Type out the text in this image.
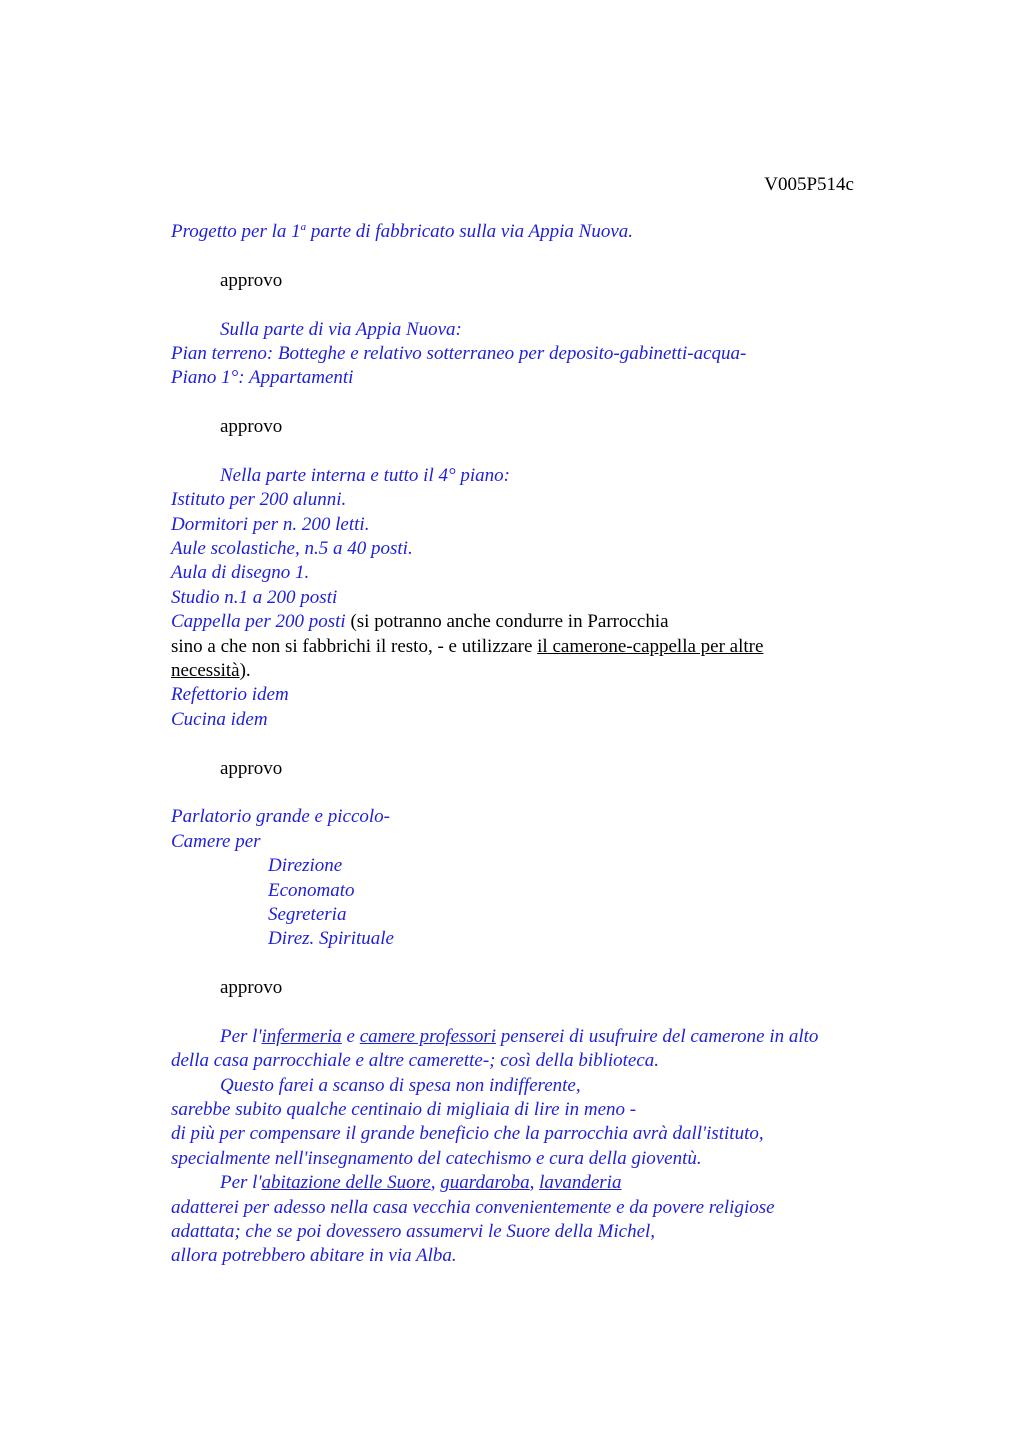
V005P514c
Progetto per la 1$^a$ parte di fabbricato sulla via Appia Nuova.
approvo
Sulla parte di via Appia Nuova:
Pian terreno: Botteghe e relativo sotterraneo per deposito-gabinetti-acqua-
Piano 1°: Appartamenti
approvo
Nella parte interna e tutto il 4° piano:
Istituto per 200 alunni.
Dormitori per n. 200 letti.
Aule scolastiche, n.5 a 40 posti.
Aula di disegno 1.
Studio n.1 a 200 posti
Cappella per 200 posti (si potranno anche condurre in Parrocchia
sino a che non si fabbrichi il resto, - e utilizzare il camerone-cappella per altre
necessità).
Refettorio idem
Cucina idem
approvo
Parlatorio grande e piccolo-
Camere per
Direzione
Economato
Segreteria
Direz. Spirituale
approvo
Per l'infermeria e camere professori penserei di usufruire del camerone in alto
della casa parrocchiale e altre camerette-; così della biblioteca.
Questo farei a scanso di spesa non indifferente,
sarebbe subito qualche centinaio di migliaia di lire in meno -
di più per compensare il grande beneficio che la parrocchia avrà dall'istituto,
specialmente nell'insegnamento del catechismo e cura della gioventù.
Per l'abitazione delle Suore, guardaroba, lavanderia
adatterei per adesso nella casa vecchia convenientemente e da povere religiose
adattata; che se poi dovessero assumervi le Suore della Michel,
allora potrebbero abitare in via Alba.
